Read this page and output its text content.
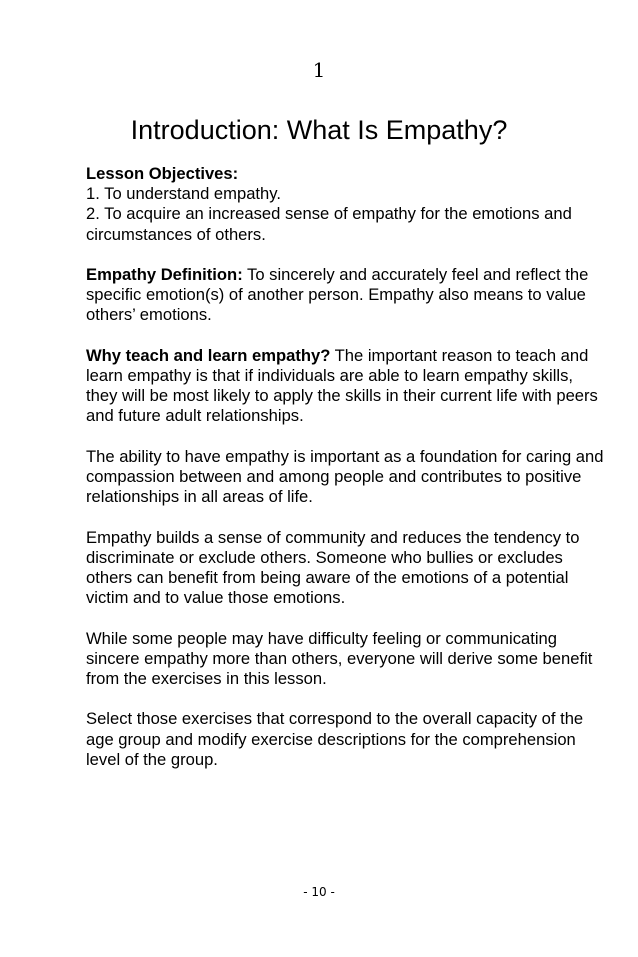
1
Introduction: What Is Empathy?

Lesson Objectives:
1. To understand empathy.
2. To acquire an increased sense of empathy for the emotions and circumstances of others.

Empathy Definition: To sincerely and accurately feel and reflect the specific emotion(s) of another person. Empathy also means to value others’ emotions.

Why teach and learn empathy? The important reason to teach and learn empathy is that if individuals are able to learn empathy skills, they will be most likely to apply the skills in their current life with peers and future adult relationships.

The ability to have empathy is important as a foundation for caring and compassion between and among people and contributes to positive relationships in all areas of life.

Empathy builds a sense of community and reduces the tendency to discriminate or exclude others. Someone who bullies or excludes others can benefit from being aware of the emotions of a potential victim and to value those emotions.

While some people may have difficulty feeling or communicating sincere empathy more than others, everyone will derive some benefit from the exercises in this lesson.

Select those exercises that correspond to the overall capacity of the age group and modify exercise descriptions for the comprehension level of the group.

- 10 -
